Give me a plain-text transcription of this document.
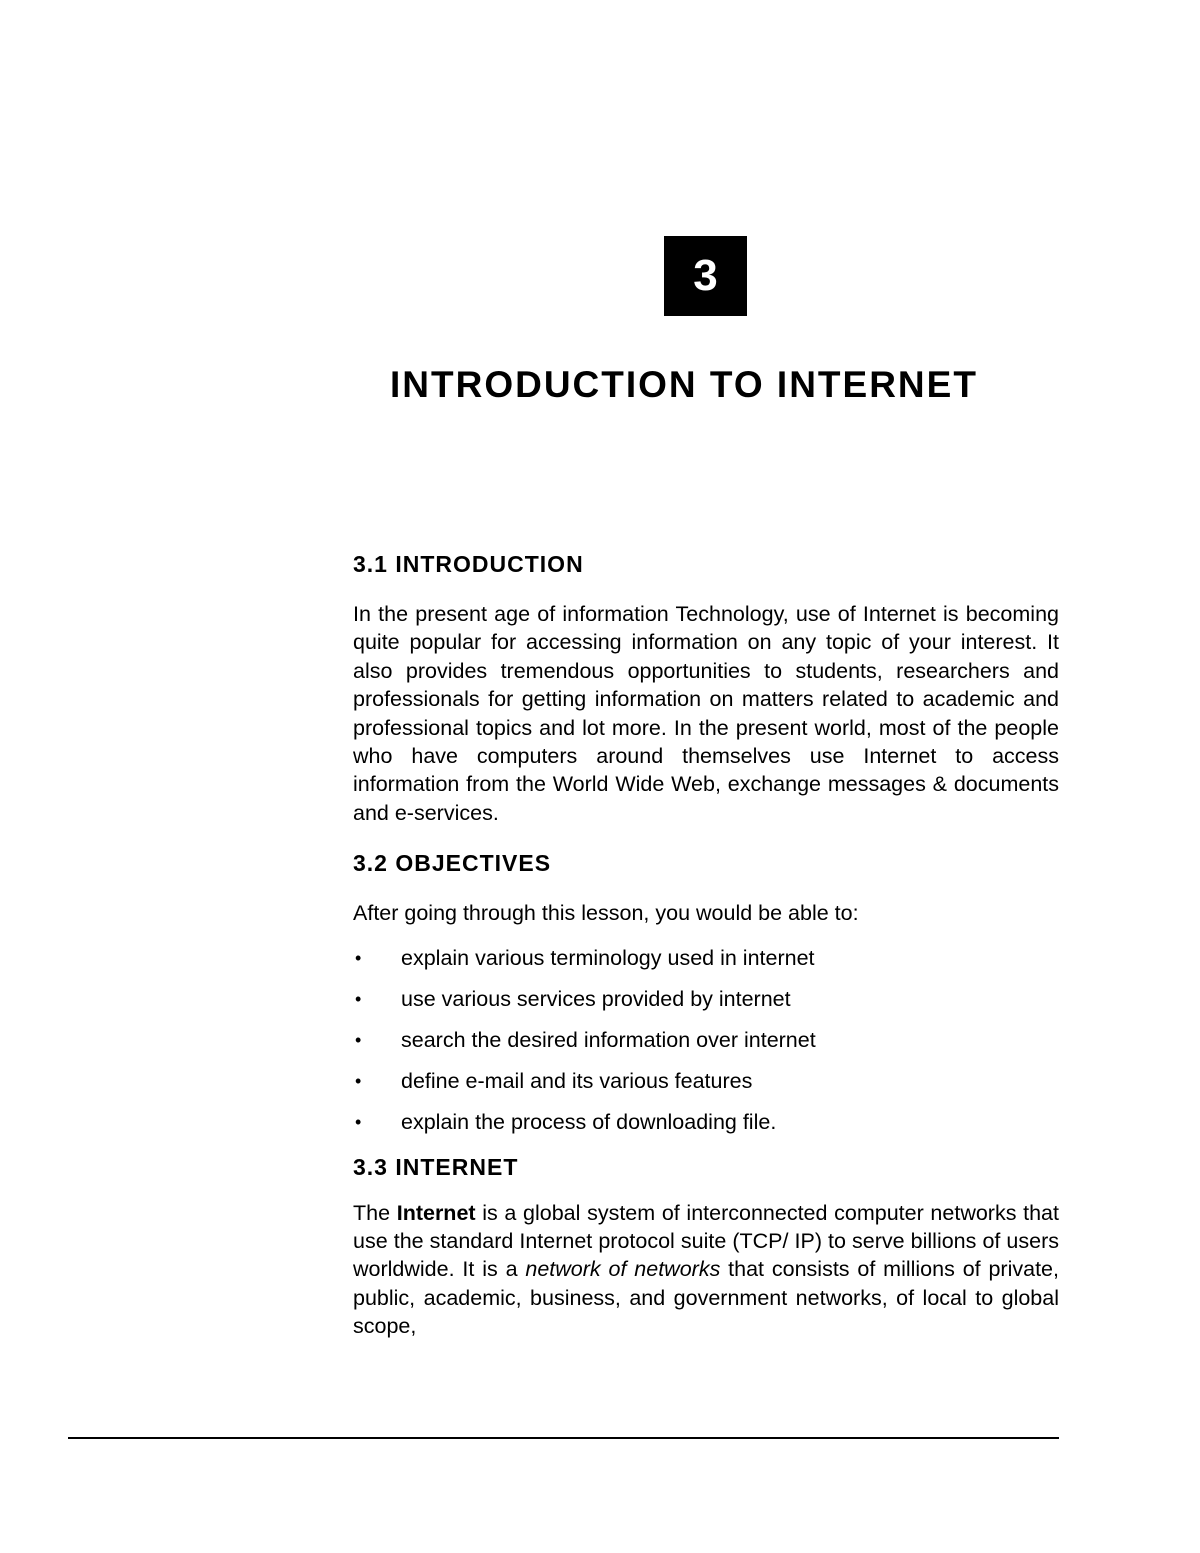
3
INTRODUCTION TO INTERNET
3.1 INTRODUCTION

In the present age of information Technology, use of Internet is becoming quite popular for accessing information on any topic of your interest. It also provides tremendous opportunities to students, researchers and professionals for getting information on matters related to academic and professional topics and lot more. In the present world, most of the people who have computers around themselves use Internet to access information from the World Wide Web, exchange messages & documents and e-services.

3.2 OBJECTIVES

After going through this lesson, you would be able to:

• explain various terminology used in internet
• use various services provided by internet
• search the desired information over internet
• define e-mail and its various features
• explain the process of downloading file.
3.3 INTERNET

The Internet is a global system of interconnected computer networks that use the standard Internet protocol suite (TCP/ IP) to serve billions of users worldwide. It is a network of networks that consists of millions of private, public, academic, business, and government networks, of local to global scope,
